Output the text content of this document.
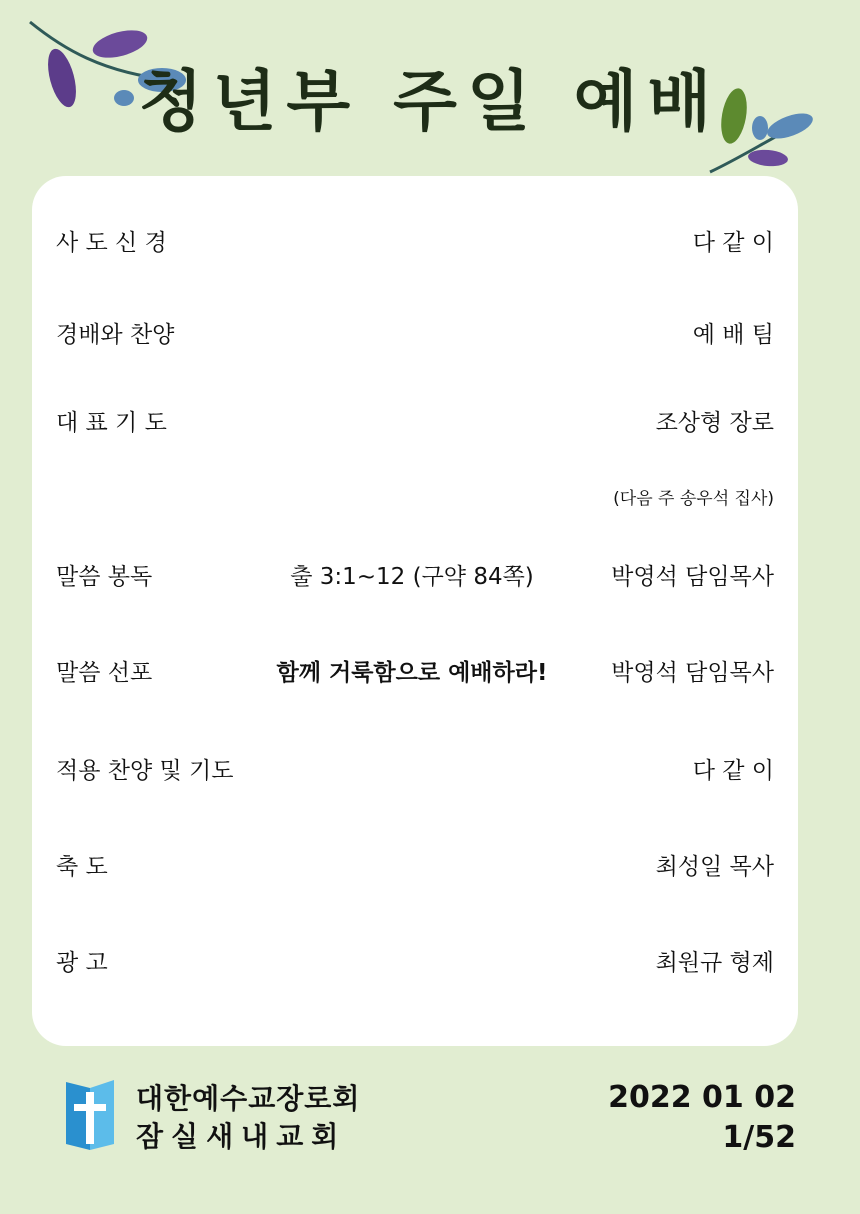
청년부 주일 예배
사 도 신 경	다 같 이
경배와 찬양	예 배 팀
대 표 기 도	조상형 장로
(다음 주 송우석 집사)
말씀 봉독	출 3:1~12 (구약 84쪽)	박영석 담임목사
말씀 선포	함께 거룩함으로 예배하라!	박영석 담임목사
적용 찬양 및 기도	다 같 이
축 도	최성일 목사
광 고	최원규 형제
대한예수교장로회
잠실새내교회
2022 01 02
1/52
